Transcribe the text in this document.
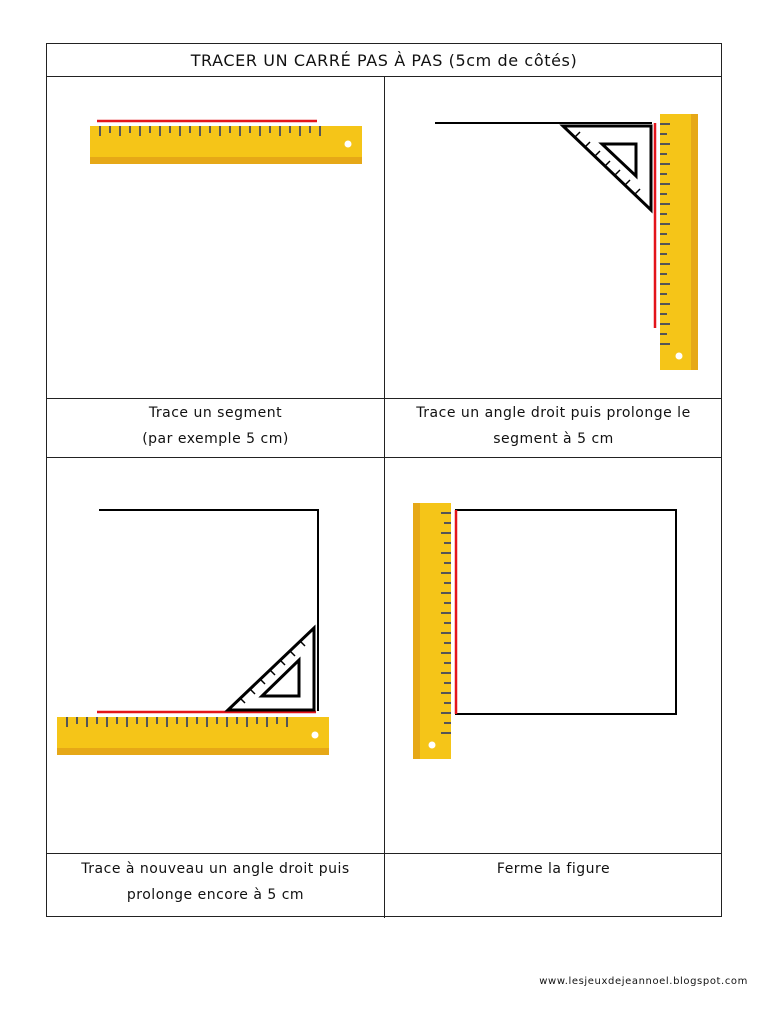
TRACER UN CARRÉ PAS À PAS (5cm de côtés)
Trace un segment
(par exemple 5 cm)
Trace un angle droit puis prolonge le
segment à 5 cm
Trace à nouveau un angle droit puis
prolonge encore à 5 cm
Ferme la figure
www.lesjeuxdejeannoel.blogspot.com
